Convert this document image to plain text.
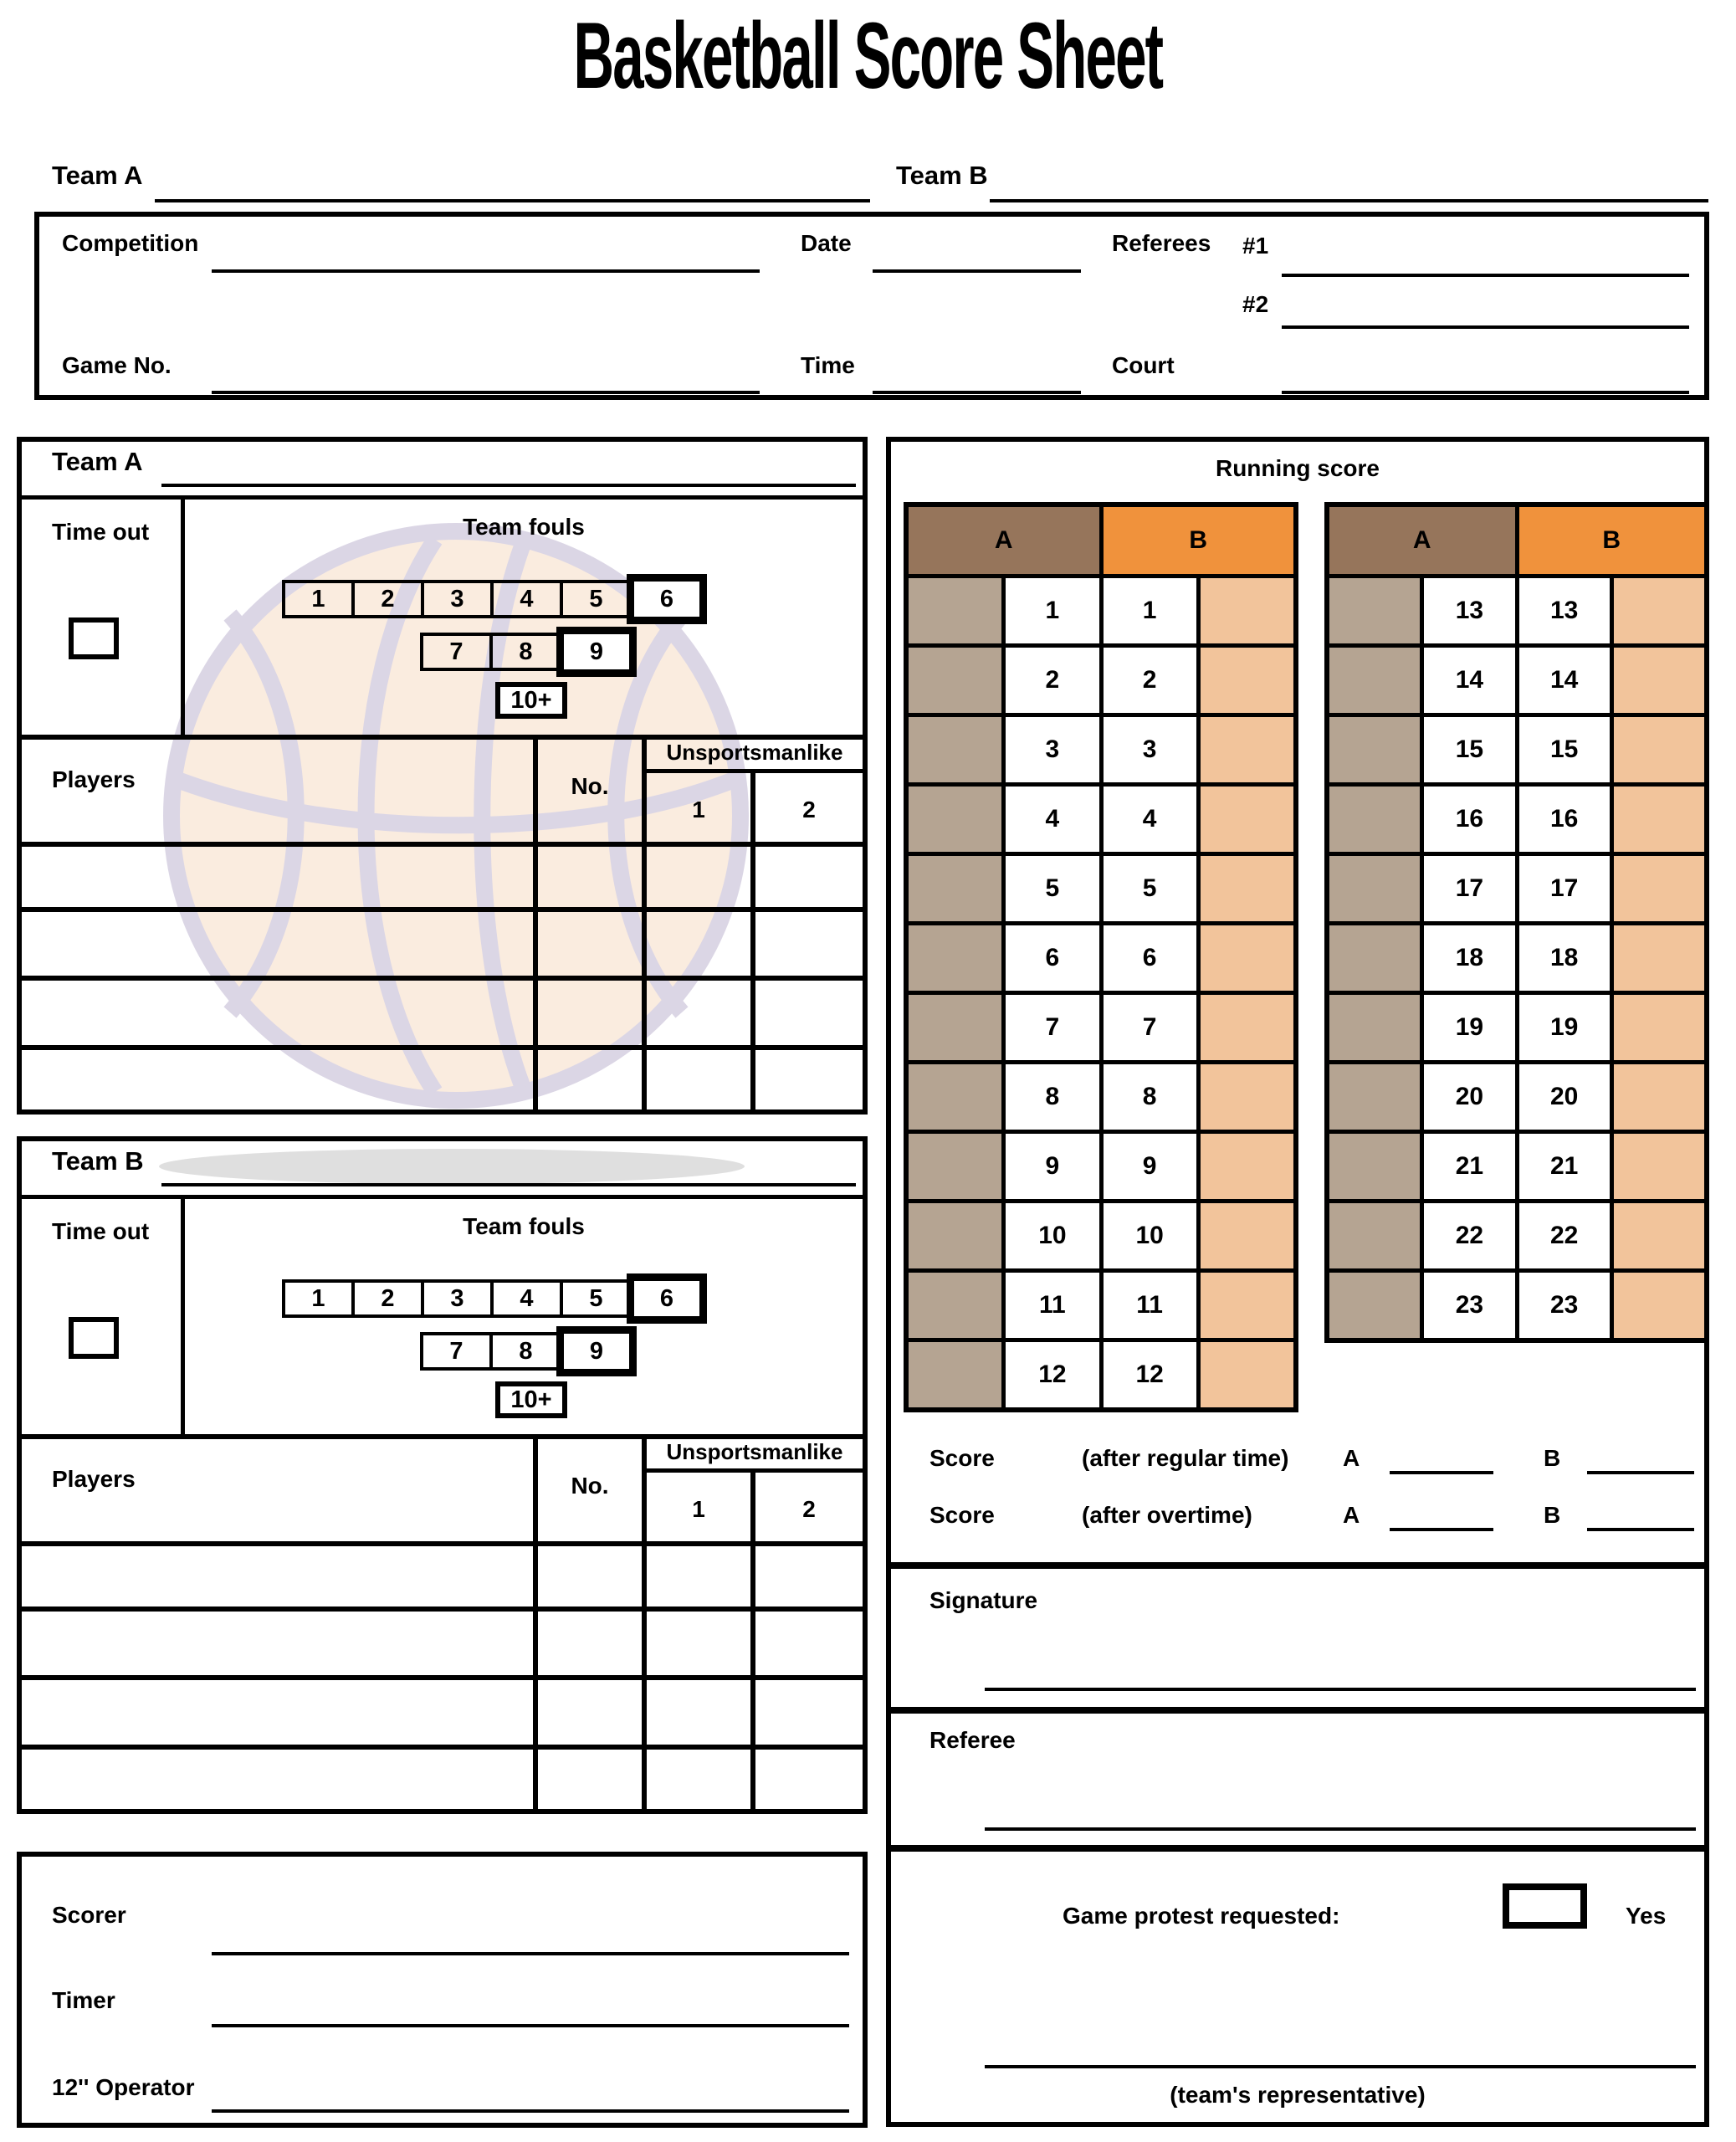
Basketball Score Sheet
Team A	Team B
Competition	Date	Referees #1
#2
Game No.	Time	Court
Team A
Time out	Team fouls
1	2	3	4	5	6
7	8	9
10+
Players	No.
Unsportsmanlike
1	2
Team B
Time out	Team fouls
1	2	3	4	5	6
7	8	9
10+
Players	No.
Unsportsmanlike
1	2
Scorer
Timer
12'' Operator
Running score
A	B
1	1
2	2
3	3
4	4
5	5
6	6
7	7
8	8
9	9
10	10
11	11
12	12
A	B
13	13
14	14
15	15
16	16
17	17
18	18
19	19
20	20
21	21
22	22
23	23
Score	(after regular time) A	B
Score	(after overtime)	A	B
Signature
Referee
Game protest requested:	Yes
(team's representative)
